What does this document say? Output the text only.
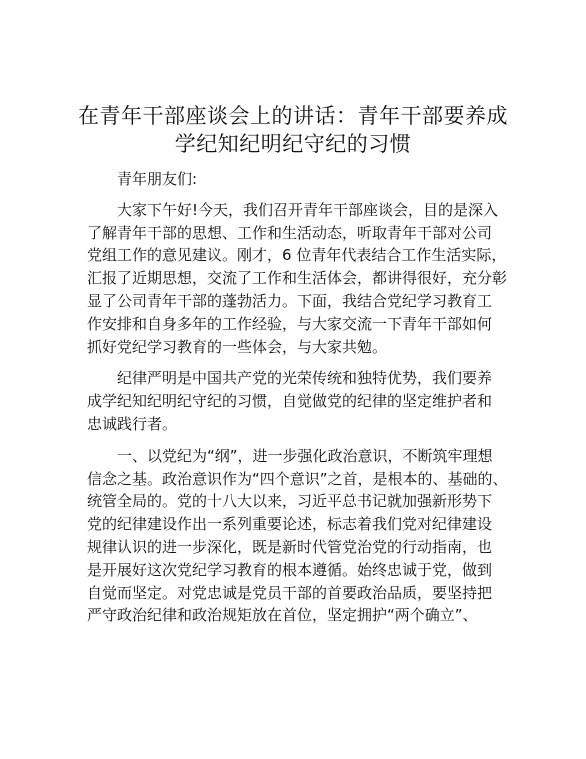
在青年干部座谈会上的讲话：青年干部要养成
学纪知纪明纪守纪的习惯
青年朋友们:
大家下午好!今天，我们召开青年干部座谈会，目的是深入
了解青年干部的思想、工作和生活动态，听取青年干部对公司
党组工作的意见建议。刚才，6 位青年代表结合工作生活实际，
汇报了近期思想，交流了工作和生活体会，都讲得很好，充分彰
显了公司青年干部的蓬勃活力。下面，我结合党纪学习教育工
作安排和自身多年的工作经验，与大家交流一下青年干部如何
抓好党纪学习教育的一些体会，与大家共勉。
纪律严明是中国共产党的光荣传统和独特优势，我们要养
成学纪知纪明纪守纪的习惯，自觉做党的纪律的坚定维护者和
忠诚践行者。
一、以党纪为“纲”，进一步强化政治意识，不断筑牢理想
信念之基。政治意识作为“四个意识”之首，是根本的、基础的、
统管全局的。党的十八大以来，习近平总书记就加强新形势下
党的纪律建设作出一系列重要论述，标志着我们党对纪律建设
规律认识的进一步深化，既是新时代管党治党的行动指南，也
是开展好这次党纪学习教育的根本遵循。始终忠诚于党，做到
自觉而坚定。对党忠诚是党员干部的首要政治品质，要坚持把
严守政治纪律和政治规矩放在首位，坚定拥护“两个确立”、
